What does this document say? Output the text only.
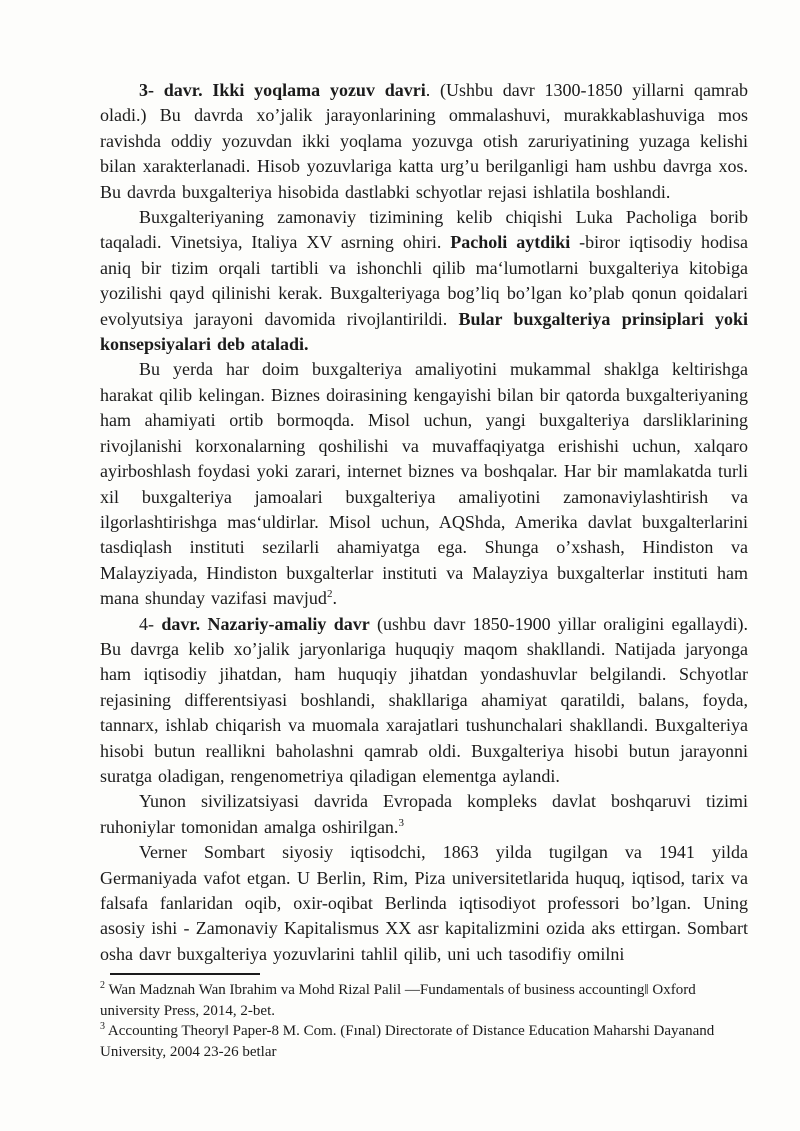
3- davr. Ikki yoqlama yozuv davri. (Ushbu davr 1300-1850 yillarni qamrab oladi.) Bu davrda xo’jalik jarayonlarining ommalashuvi, murakkablashuviga mos ravishda oddiy yozuvdan ikki yoqlama yozuvga otish zaruriyatining yuzaga kelishi bilan xarakterlanadi. Hisob yozuvlariga katta urg’u berilganligi ham ushbu davrga xos. Bu davrda buxgalteriya hisobida dastlabki schyotlar rejasi ishlatila boshlandi.

Buxgalteriyaning zamonaviy tizimining kelib chiqishi Luka Pacholiga borib taqaladi. Vinetsiya, Italiya XV asrning ohiri. Pacholi aytdiki -biror iqtisodiy hodisa aniq bir tizim orqali tartibli va ishonchli qilib ma‘lumotlarni buxgalteriya kitobiga yozilishi qayd qilinishi kerak. Buxgalteriyaga bog’liq bo’lgan ko’plab qonun qoidalari evolyutsiya jarayoni davomida rivojlantirildi. Bular buxgalteriya prinsiplari yoki konsepsiyalari deb ataladi.

Bu yerda har doim buxgalteriya amaliyotini mukammal shaklga keltirishga harakat qilib kelingan. Biznes doirasining kengayishi bilan bir qatorda buxgalteriyaning ham ahamiyati ortib bormoqda. Misol uchun, yangi buxgalteriya darsliklarining rivojlanishi korxonalarning qoshilishi va muvaffaqiyatga erishishi uchun, xalqaro ayirboshlash foydasi yoki zarari, internet biznes va boshqalar. Har bir mamlakatda turli xil buxgalteriya jamoalari buxgalteriya amaliyotini zamonaviylashtirish va ilgorlashtirishga mas‘uldirlar. Misol uchun, AQShda, Amerika davlat buxgalterlarini tasdiqlash instituti sezilarli ahamiyatga ega. Shunga o’xshash, Hindiston va Malayziyada, Hindiston buxgalterlar instituti va Malayziya buxgalterlar instituti ham mana shunday vazifasi mavjud$^2$.

4- davr. Nazariy-amaliy davr (ushbu davr 1850-1900 yillar oraligini egallaydi). Bu davrga kelib xo’jalik jaryonlariga huquqiy maqom shakllandi. Natijada jaryonga ham iqtisodiy jihatdan, ham huquqiy jihatdan yondashuvlar belgilandi. Schyotlar rejasining differentsiyasi boshlandi, shakllariga ahamiyat qaratildi, balans, foyda, tannarx, ishlab chiqarish va muomala xarajatlari tushunchalari shakllandi. Buxgalteriya hisobi butun reallikni baholashni qamrab oldi. Buxgalteriya hisobi butun jarayonni suratga oladigan, rengenometriya qiladigan elementga aylandi.

Yunon sivilizatsiyasi davrida Evropada kompleks davlat boshqaruvi tizimi ruhoniylar tomonidan amalga oshirilgan.$^3$

Verner Sombart siyosiy iqtisodchi, 1863 yilda tugilgan va 1941 yilda Germaniyada vafot etgan. U Berlin, Rim, Piza universitetlarida huquq, iqtisod, tarix va falsafa fanlaridan oqib, oxir-oqibat Berlinda iqtisodiyot professori bo’lgan. Uning asosiy ishi - Zamonaviy Kapitalismus XX asr kapitalizmini ozida aks ettirgan. Sombart osha davr buxgalteriya yozuvlarini tahlil qilib, uni uch tasodifiy omilni

$^2$ Wan Madznah Wan Ibrahim va Mohd Rizal Palil —Fundamentals of business accounting‖ Oxford university Press, 2014, 2-bet.

$^3$ Accounting Theory‖ Paper-8 M. Com. (Fınal) Directorate of Distance Education Maharshi Dayanand University, 2004 23-26 betlar
